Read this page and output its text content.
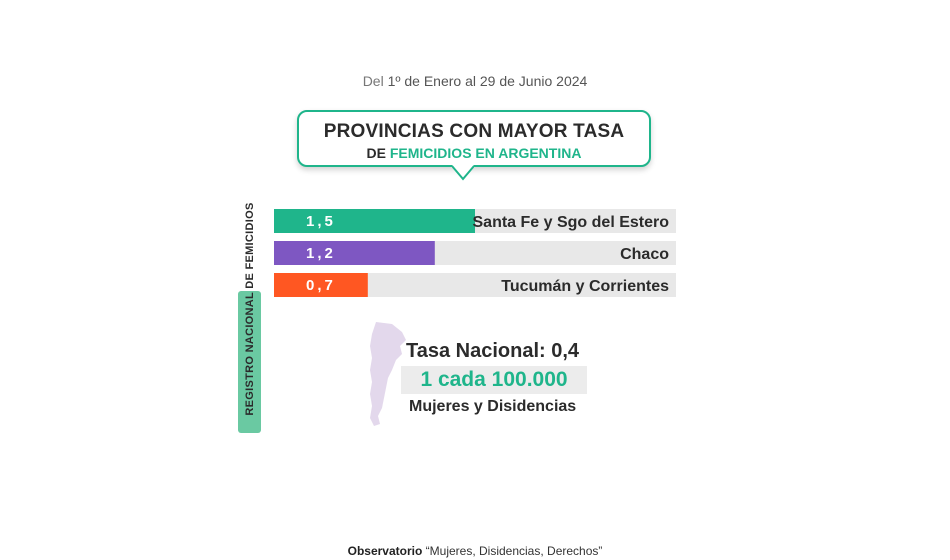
Del 1º de Enero al 29 de Junio 2024
PROVINCIAS CON MAYOR TASA
DE FEMICIDIOS EN ARGENTINA
REGISTRO NACIONAL DE FEMICIDIOS	1,5	Santa Fe y Sgo del Estero
1,2	Chaco
0,7	Tucumán y Corrientes
Tasa Nacional: 0,4
1 cada 100.000
Mujeres y Disidencias
Observatorio “Mujeres, Disidencias, Derechos”
